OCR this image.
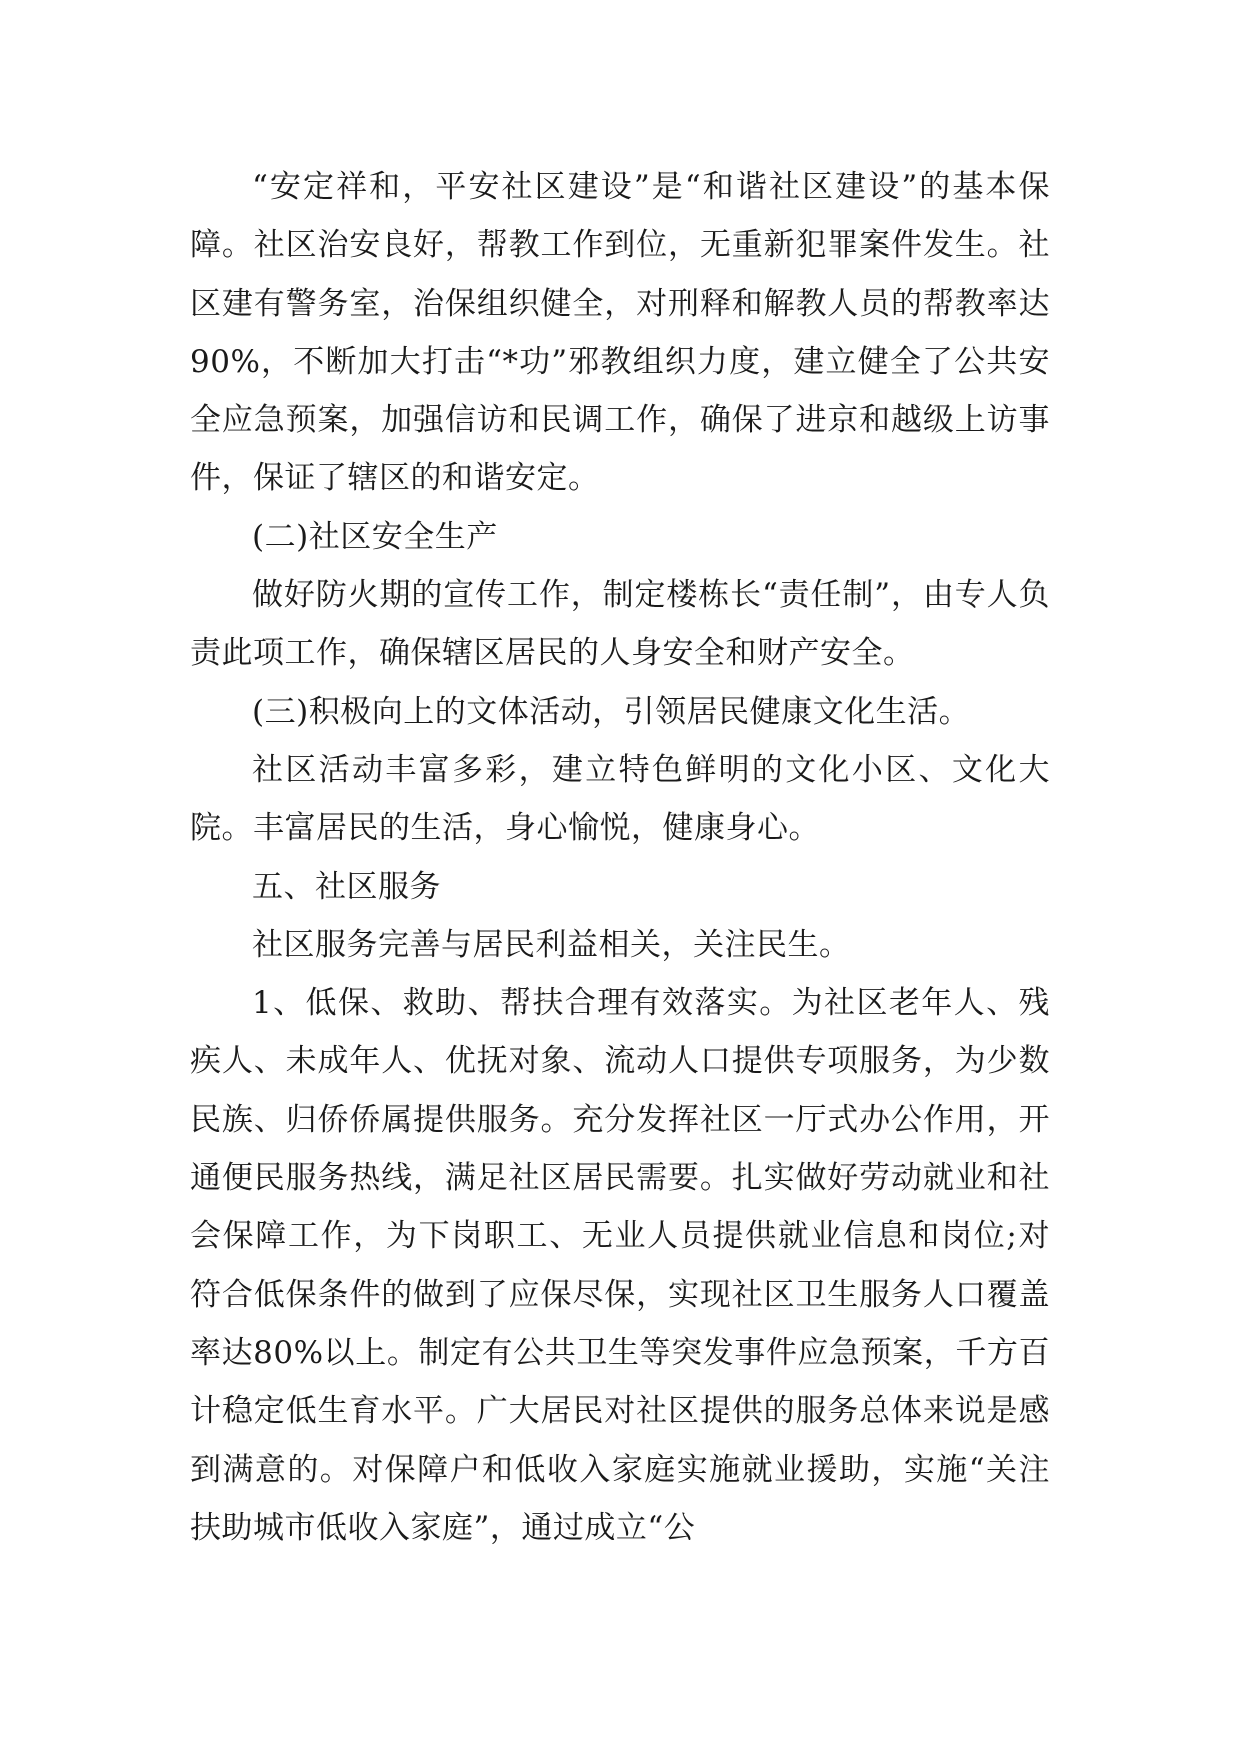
“安定祥和，平安社区建设”是“和谐社区建设”的基本保障。社区治安良好，帮教工作到位，无重新犯罪案件发生。社区建有警务室，治保组织健全，对刑释和解教人员的帮教率达90%，不断加大打击“*功”邪教组织力度，建立健全了公共安全应急预案，加强信访和民调工作，确保了进京和越级上访事件，保证了辖区的和谐安定。

(二)社区安全生产

做好防火期的宣传工作，制定楼栋长“责任制”，由专人负责此项工作，确保辖区居民的人身安全和财产安全。

(三)积极向上的文体活动，引领居民健康文化生活。

社区活动丰富多彩，建立特色鲜明的文化小区、文化大院。丰富居民的生活，身心愉悦，健康身心。

五、社区服务

社区服务完善与居民利益相关，关注民生。

1、低保、救助、帮扶合理有效落实。为社区老年人、残疾人、未成年人、优抚对象、流动人口提供专项服务，为少数民族、归侨侨属提供服务。充分发挥社区一厅式办公作用，开通便民服务热线，满足社区居民需要。扎实做好劳动就业和社会保障工作，为下岗职工、无业人员提供就业信息和岗位;对符合低保条件的做到了应保尽保，实现社区卫生服务人口覆盖率达80%以上。制定有公共卫生等突发事件应急预案，千方百计稳定低生育水平。广大居民对社区提供的服务总体来说是感到满意的。对保障户和低收入家庭实施就业援助，实施“关注扶助城市低收入家庭”，通过成立“公
